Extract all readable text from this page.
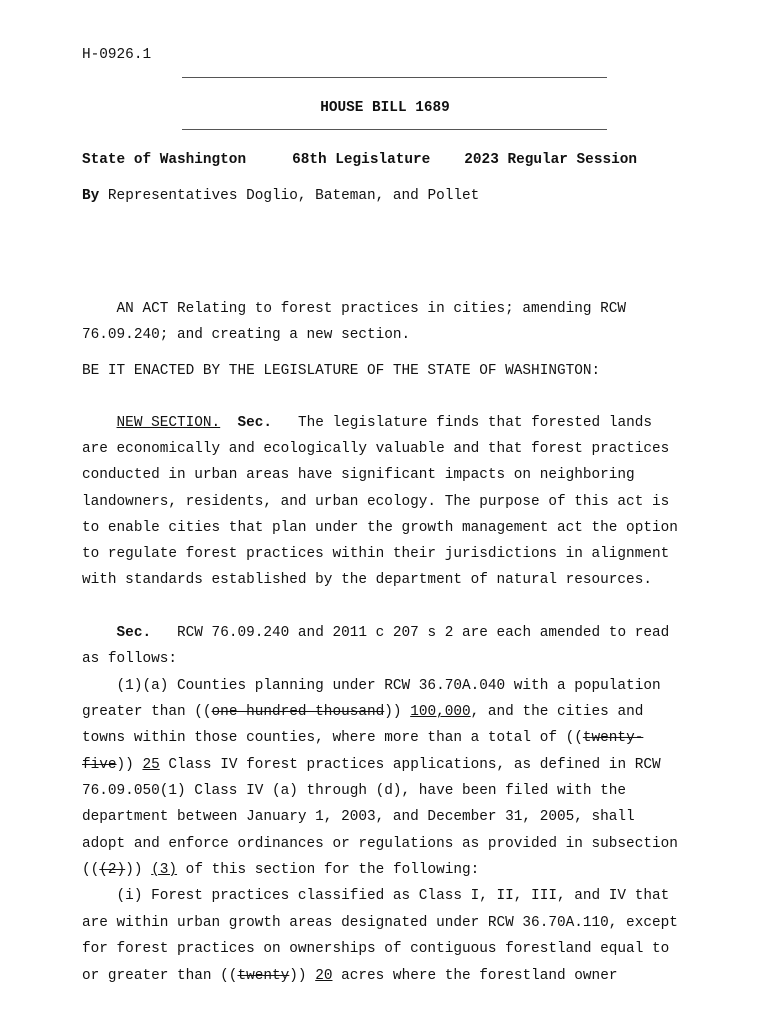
H-0926.1
HOUSE BILL 1689
State of Washington	68th Legislature 2023 Regular Session
By Representatives Doglio, Bateman, and Pollet
AN ACT Relating to forest practices in cities; amending RCW
76.09.240; and creating a new section.
BE IT ENACTED BY THE LEGISLATURE OF THE STATE OF WASHINGTON:
NEW SECTION. Sec. The legislature finds that forested lands
are economically and ecologically valuable and that forest practices
conducted in urban areas have significant impacts on neighboring
landowners, residents, and urban ecology. The purpose of this act is
to enable cities that plan under the growth management act the option
to regulate forest practices within their jurisdictions in alignment
with standards established by the department of natural resources.
Sec. RCW 76.09.240 and 2011 c 207 s 2 are each amended to read
as follows:
(1)(a) Counties planning under RCW 36.70A.040 with a population
greater than ((one hundred thousand)) 100,000, and the cities and
towns within those counties, where more than a total of ((twenty-
five)) 25 Class IV forest practices applications, as defined in RCW
76.09.050(1) Class IV (a) through (d), have been filed with the
department between January 1, 2003, and December 31, 2005, shall
adopt and enforce ordinances or regulations as provided in subsection
(((2))) (3) of this section for the following:
(i) Forest practices classified as Class I, II, III, and IV that
are within urban growth areas designated under RCW 36.70A.110, except
for forest practices on ownerships of contiguous forestland equal to
or greater than ((twenty)) 20 acres where the forestland owner
